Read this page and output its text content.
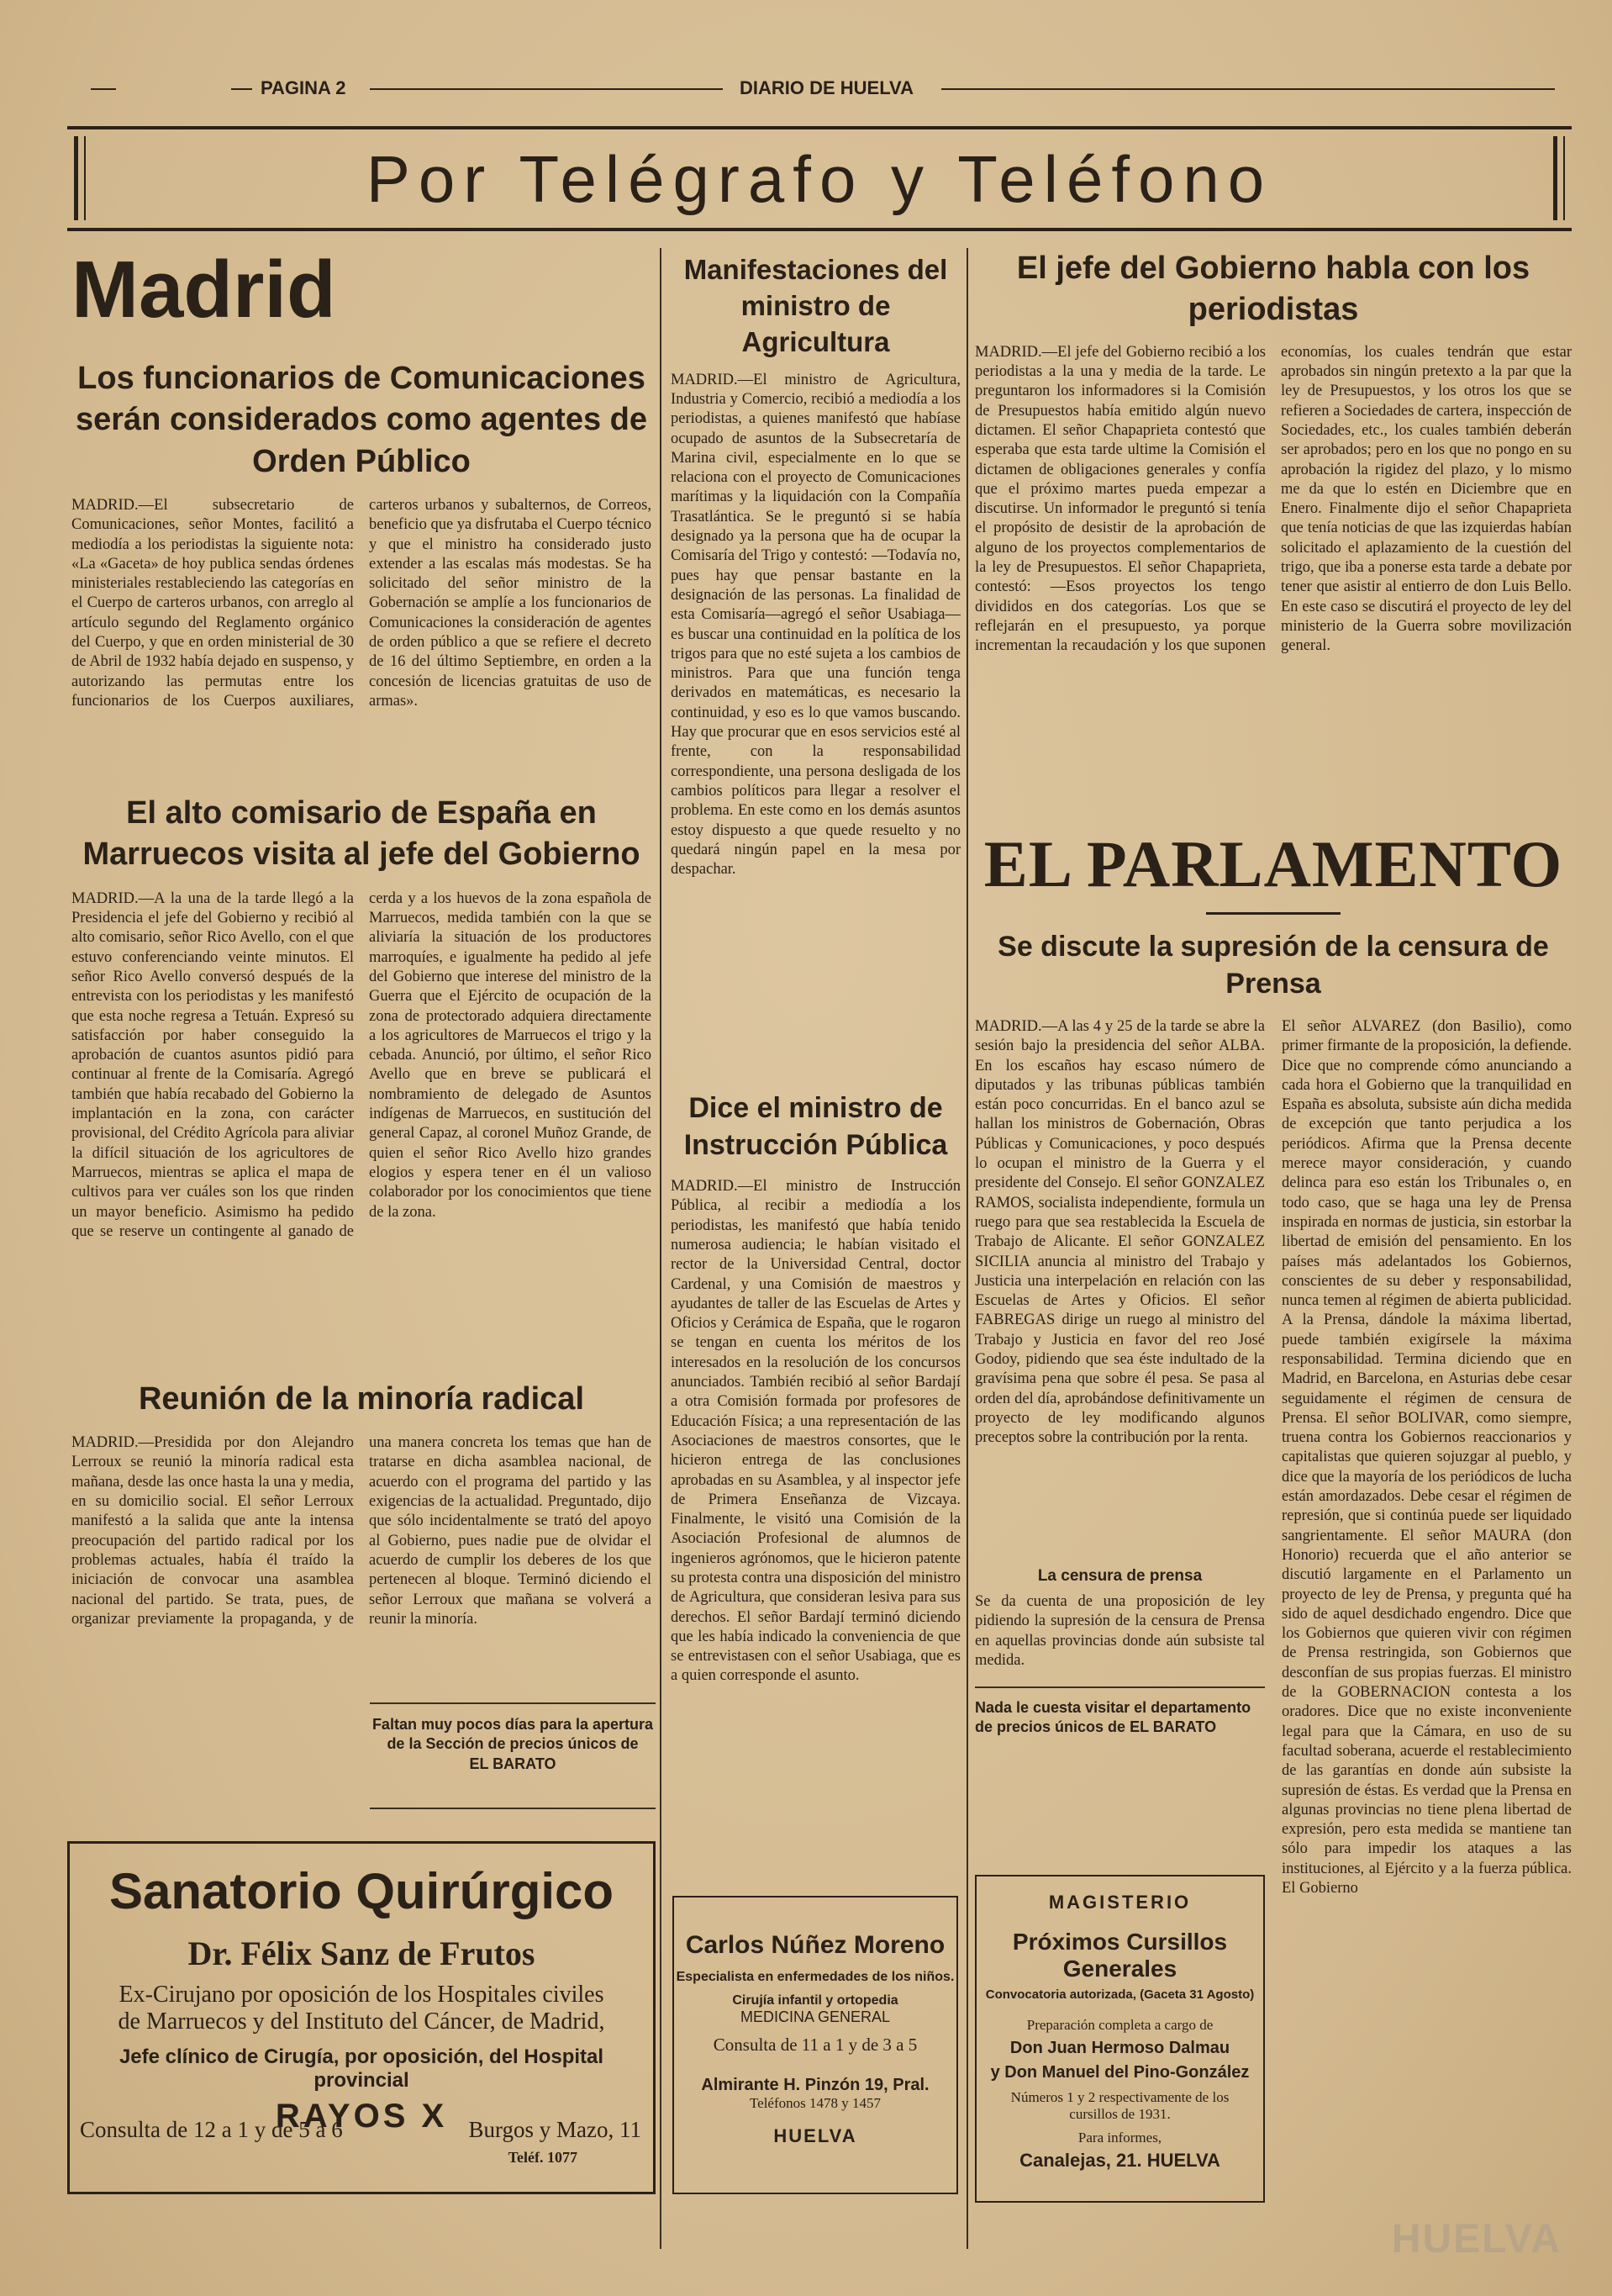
PAGINA 2	DIARIO DE HUELVA
Por Telégrafo y Teléfono
Madrid
Los funcionarios de Comunicaciones serán considerados como agentes de Orden Público
MADRID.—El subsecretario de Comunicaciones, señor Montes, facilitó a mediodía a los periodistas la siguiente nota: «La «Gaceta» de hoy publica sendas órdenes ministeriales restableciendo las categorías en el Cuerpo de carteros urbanos, con arreglo al artículo segundo del Reglamento orgánico del Cuerpo, y que en orden ministerial de 30 de Abril de 1932 había dejado en suspenso, y autorizando las permutas entre los funcionarios de los Cuerpos auxiliares, carteros urbanos y subalternos, de Correos, beneficio que ya disfrutaba el Cuerpo técnico y que el ministro ha considerado justo extender a las escalas más modestas. Se ha solicitado del señor ministro de la Gobernación se amplíe a los funcionarios de Comunicaciones la consideración de agentes de orden público a que se refiere el decreto de 16 del último Septiembre, en orden a la concesión de licencias gratuitas de uso de armas».
El alto comisario de España en Marruecos visita al jefe del Gobierno
MADRID.—A la una de la tarde llegó a la Presidencia el jefe del Gobierno y recibió al alto comisario, señor Rico Avello, con el que estuvo conferenciando veinte minutos. El señor Rico Avello conversó después de la entrevista con los periodistas y les manifestó que esta noche regresa a Tetuán. Expresó su satisfacción por haber conseguido la aprobación de cuantos asuntos pidió para continuar al frente de la Comisaría. Agregó también que había recabado del Gobierno la implantación en la zona, con carácter provisional, del Crédito Agrícola para aliviar la difícil situación de los agricultores de Marruecos, mientras se aplica el mapa de cultivos para ver cuáles son los que rinden un mayor beneficio. Asimismo ha pedido que se reserve un contingente al ganado de cerda y a los huevos de la zona española de Marruecos, medida también con la que se aliviaría la situación de los productores marroquíes, e igualmente ha pedido al jefe del Gobierno que interese del ministro de la Guerra que el Ejército de ocupación de la zona de protectorado adquiera directamente a los agricultores de Marruecos el trigo y la cebada. Anunció, por último, el señor Rico Avello que en breve se publicará el nombramiento de delegado de Asuntos indígenas de Marruecos, en sustitución del general Capaz, al coronel Muñoz Grande, de quien el señor Rico Avello hizo grandes elogios y espera tener en él un valioso colaborador por los conocimientos que tiene de la zona.
Reunión de la minoría radical
MADRID.—Presidida por don Alejandro Lerroux se reunió la minoría radical esta mañana, desde las once hasta la una y media, en su domicilio social. El señor Lerroux manifestó a la salida que ante la intensa preocupación del partido radical por los problemas actuales, había él traído la iniciación de convocar una asamblea nacional del partido. Se trata, pues, de organizar previamente la propaganda, y de una manera concreta los temas que han de tratarse en dicha asamblea nacional, de acuerdo con el programa del partido y las exigencias de la actualidad. Preguntado, dijo que sólo incidentalmente se trató del apoyo al Gobierno, pues nadie pue de olvidar el acuerdo de cumplir los deberes de los que pertenecen al bloque. Terminó diciendo el señor Lerroux que mañana se volverá a reunir la minoría.
Faltan muy pocos días para la apertura de la Sección de precios únicos de
EL BARATO
Sanatorio Quirúrgico
Dr. Félix Sanz de Frutos
Ex-Cirujano por oposición de los Hospitales civiles
de Marruecos y del Instituto del Cáncer, de Madrid,
Jefe clínico de Cirugía, por oposición, del Hospital provincial
RAYOS X
Consulta de 12 a 1 y de 5 a 6	Burgos y Mazo, 11
Teléf. 1077
Manifestaciones del ministro de Agricultura
MADRID.—El ministro de Agricultura, Industria y Comercio, recibió a mediodía a los periodistas, a quienes manifestó que habíase ocupado de asuntos de la Subsecretaría de Marina civil, especialmente en lo que se relaciona con el proyecto de Comunicaciones marítimas y la liquidación con la Compañía Trasatlántica. Se le preguntó si se había designado ya la persona que ha de ocupar la Comisaría del Trigo y contestó: —Todavía no, pues hay que pensar bastante en la designación de las personas. La finalidad de esta Comisaría—agregó el señor Usabiaga—es buscar una continuidad en la política de los trigos para que no esté sujeta a los cambios de ministros. Para que una función tenga derivados en matemáticas, es necesario la continuidad, y eso es lo que vamos buscando. Hay que procurar que en esos servicios esté al frente, con la responsabilidad correspondiente, una persona desligada de los cambios políticos para llegar a resolver el problema. En este como en los demás asuntos estoy dispuesto a que quede resuelto y no quedará ningún papel en la mesa por despachar.
Dice el ministro de Instrucción Pública
MADRID.—El ministro de Instrucción Pública, al recibir a mediodía a los periodistas, les manifestó que había tenido numerosa audiencia; le habían visitado el rector de la Universidad Central, doctor Cardenal, y una Comisión de maestros y ayudantes de taller de las Escuelas de Artes y Oficios y Cerámica de España, que le rogaron se tengan en cuenta los méritos de los interesados en la resolución de los concursos anunciados. También recibió al señor Bardají a otra Comisión formada por profesores de Educación Física; a una representación de las Asociaciones de maestros consortes, que le hicieron entrega de las conclusiones aprobadas en su Asamblea, y al inspector jefe de Primera Enseñanza de Vizcaya. Finalmente, le visitó una Comisión de la Asociación Profesional de alumnos de ingenieros agrónomos, que le hicieron patente su protesta contra una disposición del ministro de Agricultura, que consideran lesiva para sus derechos. El señor Bardají terminó diciendo que les había indicado la conveniencia de que se entrevistasen con el señor Usabiaga, que es a quien corresponde el asunto.
Carlos Núñez Moreno
Especialista en enfermedades de los niños.
Cirujía infantil y ortopedia
MEDICINA GENERAL
Consulta de 11 a 1 y de 3 a 5
Almirante H. Pinzón 19, Pral.
Teléfonos 1478 y 1457
HUELVA
El jefe del Gobierno habla con los periodistas
MADRID.—El jefe del Gobierno recibió a los periodistas a la una y media de la tarde. Le preguntaron los informadores si la Comisión de Presupuestos había emitido algún nuevo dictamen. El señor Chapaprieta contestó que esperaba que esta tarde ultime la Comisión el dictamen de obligaciones generales y confía que el próximo martes pueda empezar a discutirse. Un informador le preguntó si tenía el propósito de desistir de la aprobación de alguno de los proyectos complementarios de la ley de Presupuestos. El señor Chapaprieta, contestó: —Esos proyectos los tengo divididos en dos categorías. Los que se reflejarán en el presupuesto, ya porque incrementan la recaudación y los que suponen economías, los cuales tendrán que estar aprobados sin ningún pretexto a la par que la ley de Presupuestos, y los otros los que se refieren a Sociedades de cartera, inspección de Sociedades, etc., los cuales también deberán ser aprobados; pero en los que no pongo en su aprobación la rigidez del plazo, y lo mismo me da que lo estén en Diciembre que en Enero. Finalmente dijo el señor Chapaprieta que tenía noticias de que las izquierdas habían solicitado el aplazamiento de la cuestión del trigo, que iba a ponerse esta tarde a debate por tener que asistir al entierro de don Luis Bello. En este caso se discutirá el proyecto de ley del ministerio de la Guerra sobre movilización general.
EL PARLAMENTO
Se discute la supresión de la censura de Prensa
MADRID.—A las 4 y 25 de la tarde se abre la sesión bajo la presidencia del señor ALBA. En los escaños hay escaso número de diputados y las tribunas públicas también están poco concurridas. En el banco azul se hallan los ministros de Gobernación, Obras Públicas y Comunicaciones, y poco después lo ocupan el ministro de la Guerra y el presidente del Consejo. El señor GONZALEZ RAMOS, socialista independiente, formula un ruego para que sea restablecida la Escuela de Trabajo de Alicante. El señor GONZALEZ SICILIA anuncia al ministro del Trabajo y Justicia una interpelación en relación con las Escuelas de Artes y Oficios. El señor FABREGAS dirige un ruego al ministro del Trabajo y Justicia en favor del reo José Godoy, pidiendo que sea éste indultado de la gravísima pena que sobre él pesa. Se pasa al orden del día, aprobándose definitivamente un proyecto de ley modificando algunos preceptos sobre la contribución por la renta.
La censura de prensa
Se da cuenta de una proposición de ley pidiendo la supresión de la censura de Prensa en aquellas provincias donde aún subsiste tal medida.
Nada le cuesta visitar el departamento de precios únicos de EL BARATO
El señor ALVAREZ (don Basilio), como primer firmante de la proposición, la defiende. Dice que no comprende cómo anunciando a cada hora el Gobierno que la tranquilidad en España es absoluta, subsiste aún dicha medida de excepción que tanto perjudica a los periódicos. Afirma que la Prensa decente merece mayor consideración, y cuando delinca para eso están los Tribunales o, en todo caso, que se haga una ley de Prensa inspirada en normas de justicia, sin estorbar la libertad de emisión del pensamiento. En los países más adelantados los Gobiernos, conscientes de su deber y responsabilidad, nunca temen al régimen de abierta publicidad. A la Prensa, dándole la máxima libertad, puede también exigírsele la máxima responsabilidad. Termina diciendo que en Madrid, en Barcelona, en Asturias debe cesar seguidamente el régimen de censura de Prensa. El señor BOLIVAR, como siempre, truena contra los Gobiernos reaccionarios y capitalistas que quieren sojuzgar al pueblo, y dice que la mayoría de los periódicos de lucha están amordazados. Debe cesar el régimen de represión, que si continúa puede ser liquidado sangrientamente. El señor MAURA (don Honorio) recuerda que el año anterior se discutió largamente en el Parlamento un proyecto de ley de Prensa, y pregunta qué ha sido de aquel desdichado engendro. Dice que los Gobiernos que quieren vivir con régimen de Prensa restringida, son Gobiernos que desconfían de sus propias fuerzas. El ministro de la GOBERNACION contesta a los oradores. Dice que no existe inconveniente legal para que la Cámara, en uso de su facultad soberana, acuerde el restablecimiento de las garantías en donde aún subsiste la supresión de éstas. Es verdad que la Prensa en algunas provincias no tiene plena libertad de expresión, pero esta medida se mantiene tan sólo para impedir los ataques a las instituciones, al Ejército y a la fuerza pública. El Gobierno
MAGISTERIO
Próximos Cursillos Generales
Convocatoria autorizada, (Gaceta 31 Agosto)
Preparación completa a cargo de
Don Juan Hermoso Dalmau
y Don Manuel del Pino-González
Números 1 y 2 respectivamente de los cursillos de 1931.
Para informes,
Canalejas, 21. HUELVA
HUELVA
